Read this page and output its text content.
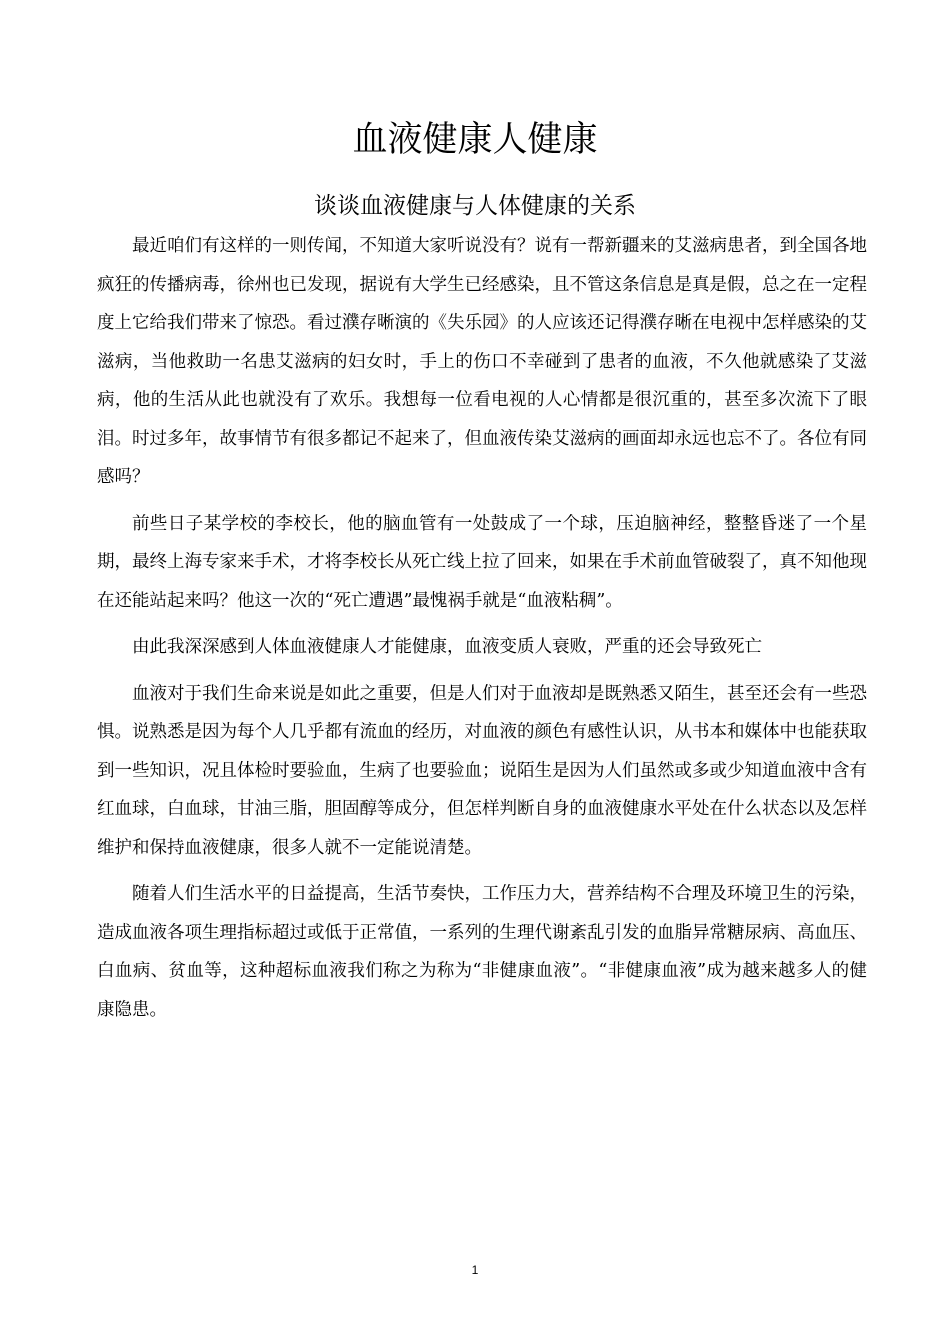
血液健康人健康
谈谈血液健康与人体健康的关系

最近咱们有这样的一则传闻，不知道大家听说没有？说有一帮新疆来的艾滋病患者，到全国各地疯狂的传播病毒，徐州也已发现，据说有大学生已经感染，且不管这条信息是真是假，总之在一定程度上它给我们带来了惊恐。看过濮存晰演的《失乐园》的人应该还记得濮存晰在电视中怎样感染的艾滋病，当他救助一名患艾滋病的妇女时，手上的伤口不幸碰到了患者的血液，不久他就感染了艾滋病，他的生活从此也就没有了欢乐。我想每一位看电视的人心情都是很沉重的，甚至多次流下了眼泪。时过多年，故事情节有很多都记不起来了，但血液传染艾滋病的画面却永远也忘不了。各位有同感吗？

前些日子某学校的李校长，他的脑血管有一处鼓成了一个球，压迫脑神经，整整昏迷了一个星期，最终上海专家来手术，才将李校长从死亡线上拉了回来，如果在手术前血管破裂了，真不知他现在还能站起来吗？他这一次的“死亡遭遇”最愧祸手就是“血液粘稠”。

由此我深深感到人体血液健康人才能健康，血液变质人衰败，严重的还会导致死亡

血液对于我们生命来说是如此之重要，但是人们对于血液却是既熟悉又陌生，甚至还会有一些恐惧。说熟悉是因为每个人几乎都有流血的经历，对血液的颜色有感性认识，从书本和媒体中也能获取到一些知识，况且体检时要验血，生病了也要验血；说陌生是因为人们虽然或多或少知道血液中含有红血球，白血球，甘油三脂，胆固醇等成分，但怎样判断自身的血液健康水平处在什么状态以及怎样维护和保持血液健康，很多人就不一定能说清楚。

随着人们生活水平的日益提高，生活节奏快，工作压力大，营养结构不合理及环境卫生的污染，造成血液各项生理指标超过或低于正常值，一系列的生理代谢紊乱引发的血脂异常糖尿病、高血压、白血病、贫血等，这种超标血液我们称之为称为“非健康血液”。“非健康血液”成为越来越多人的健康隐患。

1
